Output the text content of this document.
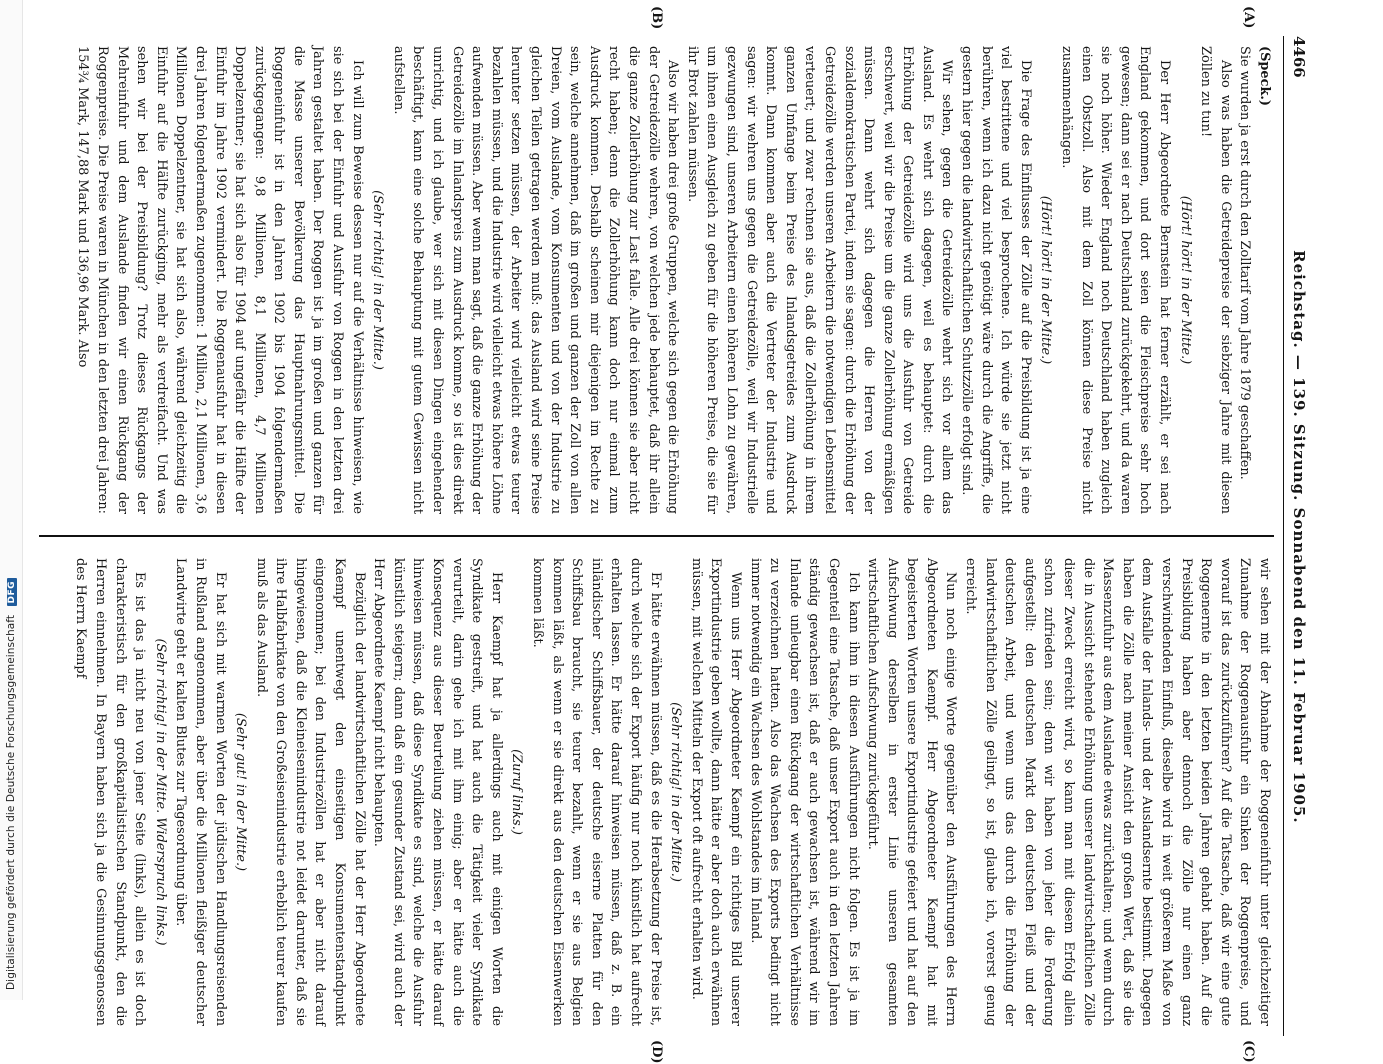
Digitalisierung gefördert durch die Deutsche Forschungsgemeinschaft DFG
4466
Reichstag. — 139. Sitzung. Sonnabend den 11. Februar 1905.
(A)
(B)
(C)
(D)

(Speck.)

Sie wurden ja erst durch den Zolltarif vom Jahre 1879 geschaffen.

Also was haben die Getreidepreise der siebziger Jahre mit diesen Zöllen zu tun!

(Hört! hört! in der Mitte.)

Der Herr Abgeordnete Bernstein hat ferner erzählt, er sei nach England gekommen, und dort seien die Fleischpreise sehr hoch gewesen; dann sei er nach Deutschland zurückgekehrt, und da waren sie noch höher. Wieder England noch Deutschland haben zugleich einen Obstzoll. Also mit dem Zoll können diese Preise nicht zusammenhängen.

(Hört! hört! in der Mitte.)

Die Frage des Einflusses der Zölle auf die Preisbildung ist ja eine viel bestrittene und viel besprochene. Ich würde sie jetzt nicht berühren, wenn ich dazu nicht genötigt wäre durch die Angriffe, die gestern hier gegen die landwirtschaftlichen Schutzzölle erfolgt sind.

Wir sehen, gegen die Getreidezölle wehrt sich vor allem das Ausland. Es wehrt sich dagegen, weil es behauptet: durch die Erhöhung der Getreidezölle wird uns die Ausfuhr von Getreide erschwert, weil wir die Preise um die ganze Zollerhöhung ermäßigen müssen. Dann wehrt sich dagegen die Herren von der sozialdemokratischen Partei, indem sie sagen: durch die Erhöhung der Getreidezölle werden unseren Arbeitern die notwendigen Lebensmittel verteuert; und zwar rechnen sie aus, daß die Zollerhöhung in ihrem ganzen Umfange beim Preise des Inlandsgetreides zum Ausdruck kommt. Dann kommen aber auch die Vertreter der Industrie und sagen: wir wehren uns gegen die Getreidezölle, weil wir Industrielle gezwungen sind, unseren Arbeitern einen höheren Lohn zu gewähren, um ihnen einen Ausgleich zu geben für die höheren Preise, die sie für ihr Brot zahlen müssen.

Also wir haben drei große Gruppen, welche sich gegen die Erhöhung der Getreidezölle wehren, von welchen jede behauptet, daß ihr allein die ganze Zollerhöhung zur Last falle. Alle drei können sie aber nicht recht haben; denn die Zollerhöhung kann doch nur einmal zum Ausdruck kommen. Deshalb scheinen mir diejenigen im Rechte zu sein, welche annehmen, daß im großen und ganzen der Zoll von allen Dreien, vom Auslande, vom Konsumenten und von der Industrie zu gleichen Teilen getragen werden muß: das Ausland wird seine Preise herunter setzen müssen, der Arbeiter wird vielleicht etwas teurer bezahlen müssen, und die Industrie wird vielleicht etwas höhere Löhne aufwenden müssen. Aber wenn man sagt, daß die ganze Erhöhung der Getreidezölle im Inlandspreis zum Ausdruck komme, so ist dies direkt unrichtig, und ich glaube, wer sich mit diesen Dingen eingehender beschäftigt, kann eine solche Behauptung mit gutem Gewissen nicht aufstellen.

(Sehr richtig! in der Mitte.)

Ich will zum Beweise dessen nur auf die Verhältnisse hinweisen, wie sie sich bei der Einfuhr und Ausfuhr von Roggen in den letzten drei Jahren gestaltet haben. Der Roggen ist ja im großen und ganzen für die Masse unserer Bevölkerung das Hauptnahrungsmittel. Die Roggeneinfuhr ist in den Jahren 1902 bis 1904 folgendermaßen zurückgegangen: 9,8 Millionen, 8,1 Millionen, 4,7 Millionen Doppelzentner; sie hat sich also für 1904 auf ungefähr die Hälfte der Einfuhr im Jahre 1902 vermindert. Die Roggenausfuhr hat in diesen drei Jahren folgendermaßen zugenommen: 1 Million, 2,1 Millionen, 3,6 Millionen Doppelzentner, sie hat sich also, während gleichzeitig die Einfuhr auf die Hälfte zurückging, mehr als verdreifacht. Und was sehen wir bei der Preisbildung? Trotz dieses Rückgangs der Mehreinfuhr und dem Auslande finden wir einen Rückgang der Roggenpreise. Die Preise waren in München in den letzten drei Jahren: 154¾ Mark, 147,88 Mark und 136,96 Mark. Also

wir sehen mit der Abnahme der Roggeneinfuhr unter gleichzeitiger Zunahme der Roggenausfuhr ein Sinken der Roggenpreise, und worauf ist das zurückzuführen? Auf die Tatsache, daß wir eine gute Roggenernte in den letzten beiden Jahren gehabt haben. Auf die Preisbildung haben aber dennoch die Zölle nur einen ganz verschwindenden Einfluß, dieselbe wird in weit größerem Maße von dem Ausfalle der Inlands- und der Auslandsernte bestimmt. Dagegen haben die Zölle nach meiner Ansicht den großen Wert, daß sie die Massenzufuhr aus dem Auslande etwas zurückhalten; und wenn durch die in Aussicht stehende Erhöhung unserer landwirtschaftlichen Zölle dieser Zweck erreicht wird, so kann man mit diesem Erfolg allein schon zufrieden sein; denn wir haben von jeher die Forderung aufgestellt: den deutschen Markt den deutschen Fleiß und der deutschen Arbeit, und wenn uns das durch die Erhöhung der landwirtschaftlichen Zölle gelingt, so ist, glaube ich, vorerst genug erreicht.

Nun noch einige Worte gegenüber den Ausführungen des Herrn Abgeordneten Kaempf. Herr Abgeordneter Kaempf hat mit begeisterten Worten unsere Exportindustrie gefeiert und hat auf den Aufschwung derselben in erster Linie unseren gesamten wirtschaftlichen Aufschwung zurückgeführt.

Ich kann ihm in diesen Ausführungen nicht folgen. Es ist ja im Gegenteil eine Tatsache, daß unser Export auch in den letzten Jahren ständig gewachsen ist, daß er auch gewachsen ist, während wir im Inlande unleugbar einen Rückgang der wirtschaftlichen Verhältnisse zu verzeichnen hatten. Also das Wachsen des Exports bedingt nicht immer notwendig ein Wachsen des Wohlstandes im Inland.

Wenn uns Herr Abgeordneter Kaempf ein richtiges Bild unserer Exportindustrie geben wollte, dann hätte er aber doch auch erwähnen müssen, mit welchen Mitteln der Export oft aufrecht erhalten wird.

(Sehr richtig! in der Mitte.)

Er hätte erwähnen müssen, daß es die Herabsetzung der Preise ist, durch welche sich der Export häufig nur noch künstlich hat aufrecht erhalten lassen. Er hätte darauf hinweisen müssen, daß z. B. ein inländischer Schiffsbauer, der deutsche eiserne Platten für den Schiffsbau braucht, sie teurer bezahlt, wenn er sie aus Belgien kommen läßt, als wenn er sie direkt aus den deutschen Eisenwerken kommen läßt.

(Zuruf links.)

Herr Kaempf hat ja allerdings auch mit einigen Worten die Syndikate gestreift, und hat auch die Tätigkeit vieler Syndikate verurteilt, darin gehe ich mit ihm einig; aber er hätte auch die Konsequenz aus dieser Beurteilung ziehen müssen, er hätte darauf hinweisen müssen, daß diese Syndikate es sind, welche die Ausfuhr künstlich steigern; dann daß ein gesunder Zustand sei, wird auch der Herr Abgeordnete Kaempf nicht behaupten.

Bezüglich der landwirtschaftlichen Zölle hat der Herr Abgeordnete Kaempf unentwegt den einseitigen Konsumentenstandpunkt eingenommen; bei den Industriezöllen hat er aber nicht darauf hingewiesen, daß die Kleineisenindustrie not leidet darunter, daß sie ihre Halbfabrikate von den Großeisenindustrie erheblich teurer kaufen muß als das Ausland.

(Sehr gut! in der Mitte.)

Er hat sich mit warmen Worten der jüdischen Handlungsreisenden in Rußland angenommen, aber über die Millionen fleißiger deutscher Landwirte geht er kalten Blutes zur Tagesordnung über.

(Sehr richtig! in der Mitte. Widerspruch links.)

Es ist das ja nicht neu von jener Seite (links), allein es ist doch charakteristisch für den großkapitalistischen Standpunkt, den die Herren einnehmen. In Bayern haben sich ja die Gesinnungsgenossen des Herrn Kaempf
